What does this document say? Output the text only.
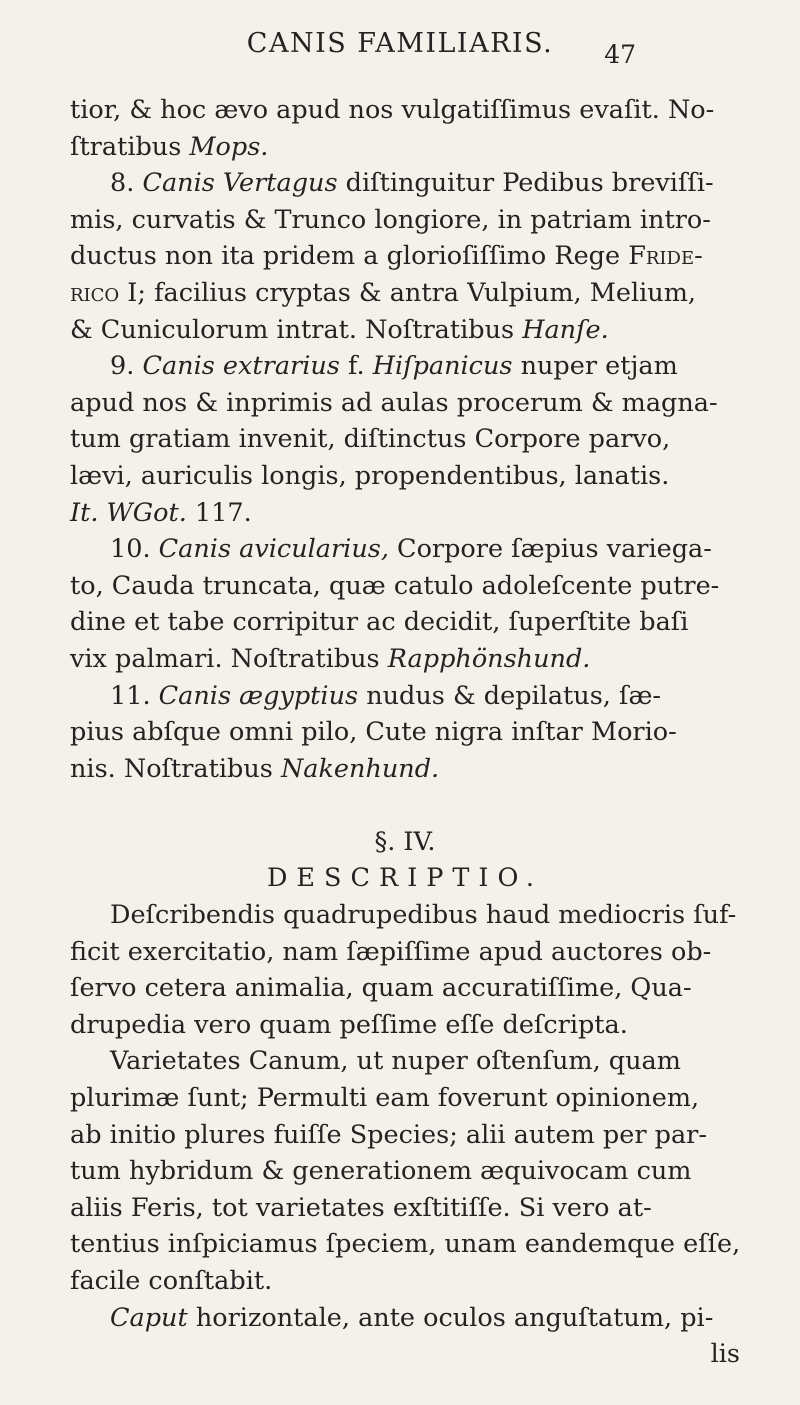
CANIS FAMILIARIS.	47
tior, & hoc ævo apud nos vulgatiſſimus evaſit. No-
ſtratibus Mops.
8. Canis Vertagus diſtinguitur Pedibus breviſſi-
mis, curvatis & Trunco longiore, in patriam intro-
ductus non ita pridem a glorioſiſſimo Rege Fride-
rico I; facilius cryptas & antra Vulpium, Melium,
& Cuniculorum intrat. Noſtratibus Hanſe.
9. Canis extrarius f. Hiſpanicus nuper etjam
apud nos & inprimis ad aulas procerum & magna-
tum gratiam invenit, diſtinctus Corpore parvo,
lævi, auriculis longis, propendentibus, lanatis.
It. WGot. 117.
10. Canis avicularius, Corpore ſæpius variega-
to, Cauda truncata, quæ catulo adoleſcente putre-
dine et tabe corripitur ac decidit, ſuperſtite baſi
vix palmari. Noſtratibus Rapphönshund.
11. Canis ægyptius nudus & depilatus, ſæ-
pius abſque omni pilo, Cute nigra inſtar Morio-
nis. Noſtratibus Nakenhund.

§. IV.
DESCRIPTIO.
Deſcribendis quadrupedibus haud mediocris ſuf-
ficit exercitatio, nam ſæpiſſime apud auctores ob-
ſervo cetera animalia, quam accuratiſſime, Qua-
drupedia vero quam peſſime eſſe deſcripta.
Varietates Canum, ut nuper oſtenſum, quam
plurimæ ſunt; Permulti eam foverunt opinionem,
ab initio plures fuiſſe Species; alii autem per par-
tum hybridum & generationem æquivocam cum
aliis Feris, tot varietates exſtitiſſe. Si vero at-
tentius inſpiciamus ſpeciem, unam eandemque eſſe,
facile conſtabit.
Caput horizontale, ante oculos anguſtatum, pi-
lis
